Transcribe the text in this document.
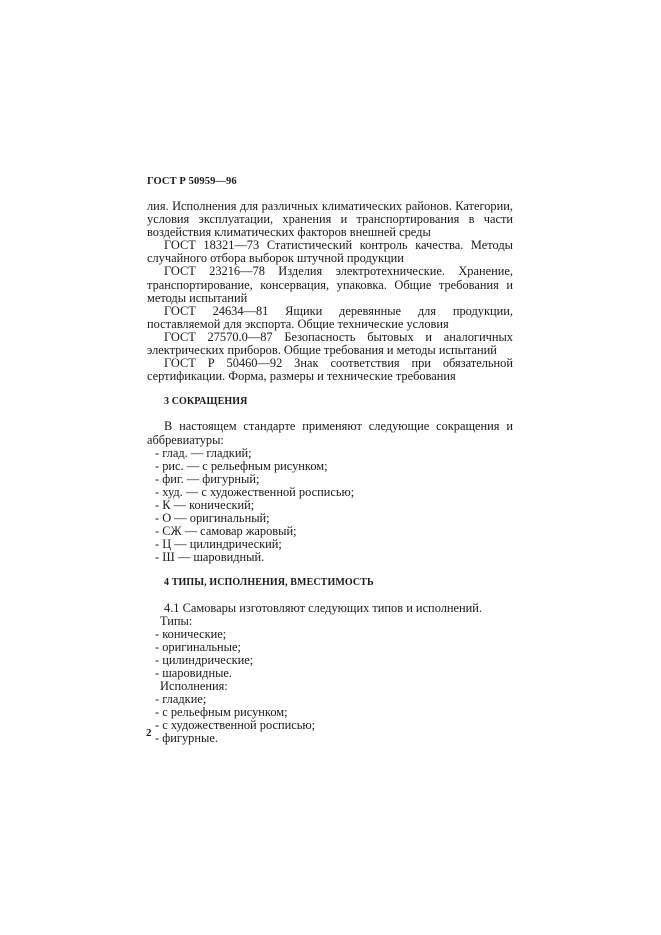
ГОСТ Р 50959—96

лия. Исполнения для различных климатических районов. Категории, условия эксплуатации, хранения и транспортирования в части воздействия климатических факторов внешней среды

ГОСТ 18321—73 Статистический контроль качества. Методы случайного отбора выборок штучной продукции

ГОСТ 23216—78 Изделия электротехнические. Хранение, транспортирование, консервация, упаковка. Общие требования и методы испытаний

ГОСТ 24634—81 Ящики деревянные для продукции, поставляемой для экспорта. Общие технические условия

ГОСТ 27570.0—87 Безопасность бытовых и аналогичных электрических приборов. Общие требования и методы испытаний

ГОСТ Р 50460—92 Знак соответствия при обязательной сертификации. Форма, размеры и технические требования

3 СОКРАЩЕНИЯ

В настоящем стандарте применяют следующие сокращения и аббревиатуры:

- глад. — гладкий;
- рис. — с рельефным рисунком;
- фиг. — фигурный;
- худ. — с художественной росписью;
- К — конический;
- О — оригинальный;
- СЖ — самовар жаровый;
- Ц — цилиндрический;
- Ш — шаровидный.

4 ТИПЫ, ИСПОЛНЕНИЯ, ВМЕСТИМОСТЬ

4.1 Самовары изготовляют следующих типов и исполнений.

Типы:

- конические;
- оригинальные;
- цилиндрические;
- шаровидные.

Исполнения:

- гладкие;
- с рельефным рисунком;
- с художественной росписью;
- фигурные.
2
